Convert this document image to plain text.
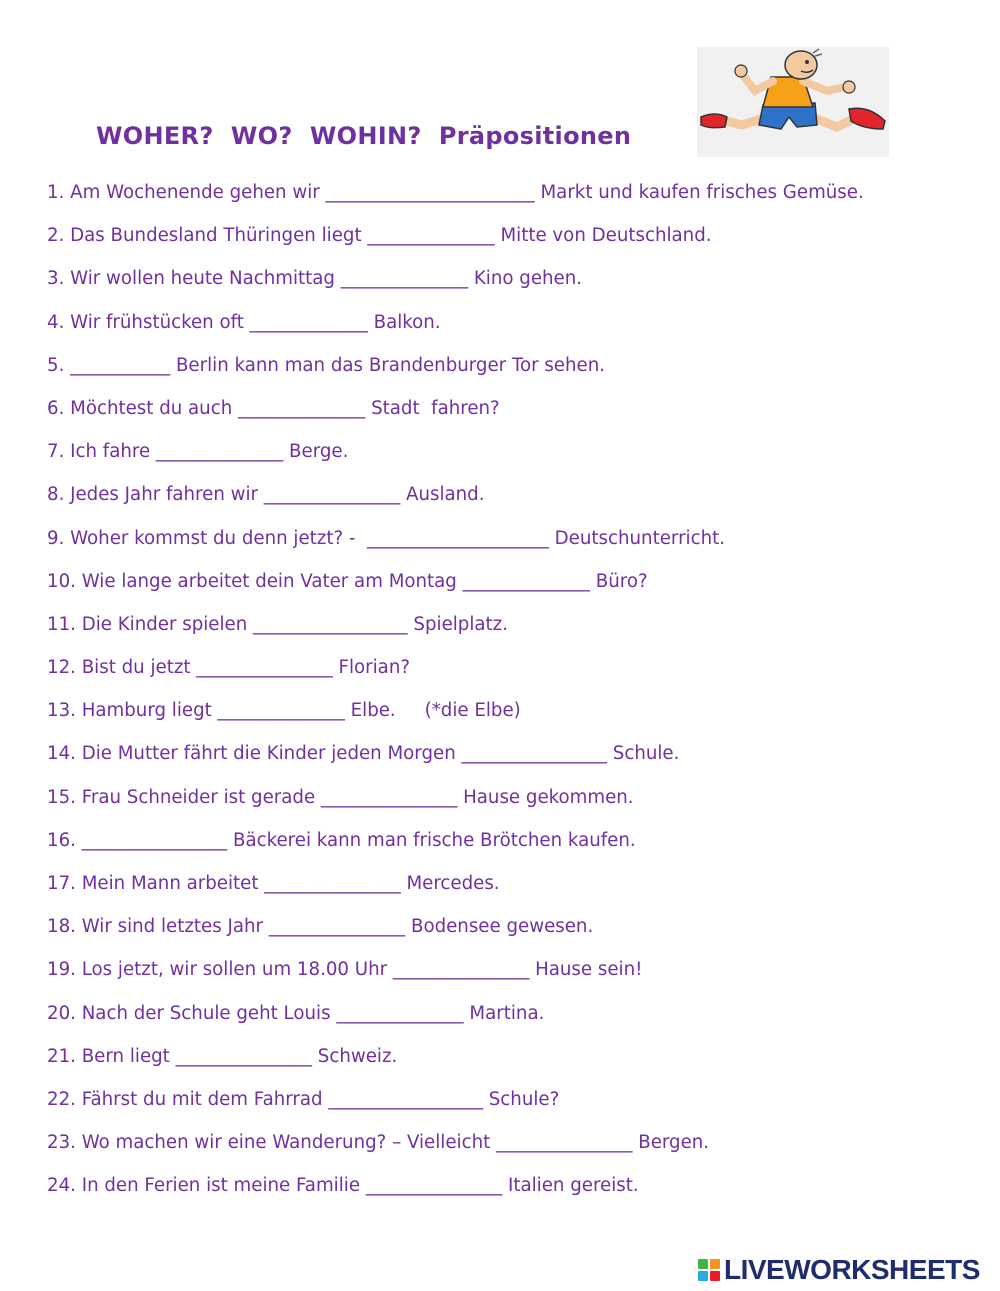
WOHER?  WO?  WOHIN?  Präpositionen
1. Am Wochenende gehen wir _______________________ Markt und kaufen frisches Gemüse.
2. Das Bundesland Thüringen liegt ______________ Mitte von Deutschland.
3. Wir wollen heute Nachmittag ______________ Kino gehen.
4. Wir frühstücken oft _____________ Balkon.
5. ___________ Berlin kann man das Brandenburger Tor sehen.
6. Möchtest du auch ______________ Stadt  fahren?
7. Ich fahre ______________ Berge.
8. Jedes Jahr fahren wir _______________ Ausland.
9. Woher kommst du denn jetzt? -  ____________________ Deutschunterricht.
10. Wie lange arbeitet dein Vater am Montag ______________ Büro?
11. Die Kinder spielen _________________ Spielplatz.
12. Bist du jetzt _______________ Florian?
13. Hamburg liegt ______________ Elbe.     (*die Elbe)
14. Die Mutter fährt die Kinder jeden Morgen ________________ Schule.
15. Frau Schneider ist gerade _______________ Hause gekommen.
16. ________________ Bäckerei kann man frische Brötchen kaufen.
17. Mein Mann arbeitet _______________ Mercedes.
18. Wir sind letztes Jahr _______________ Bodensee gewesen.
19. Los jetzt, wir sollen um 18.00 Uhr _______________ Hause sein!
20. Nach der Schule geht Louis ______________ Martina.
21. Bern liegt _______________ Schweiz.
22. Fährst du mit dem Fahrrad _________________ Schule?
23. Wo machen wir eine Wanderung? – Vielleicht _______________ Bergen.
24. In den Ferien ist meine Familie _______________ Italien gereist.
LIVEWORKSHEETS
